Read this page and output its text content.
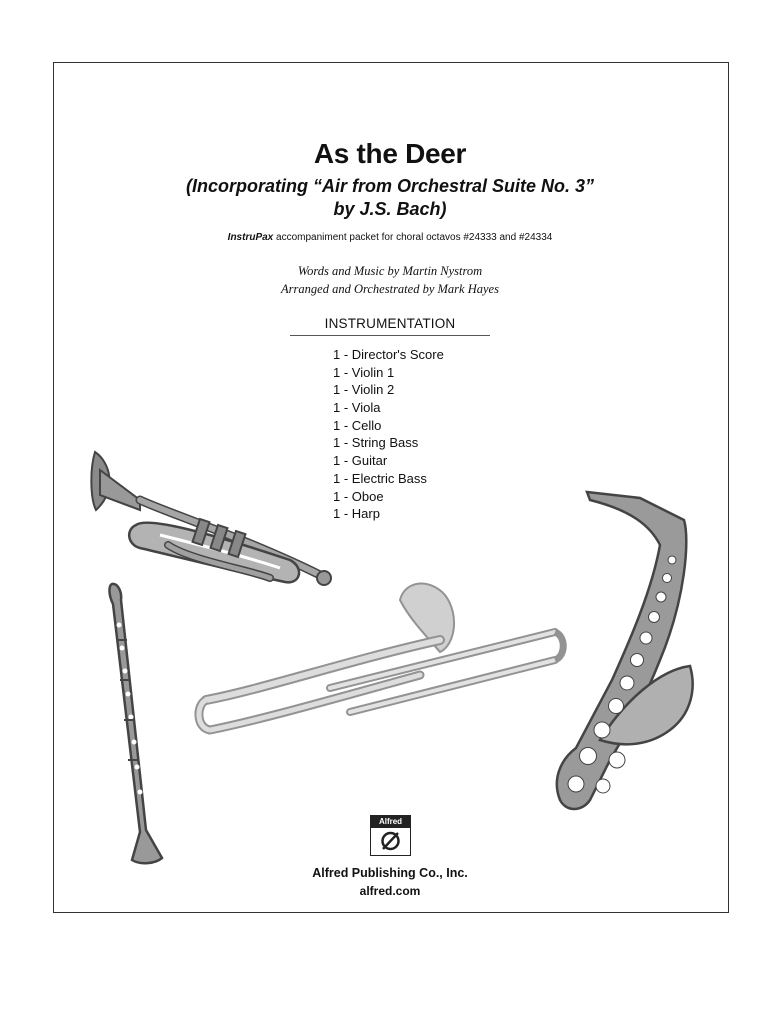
As the Deer
(Incorporating “Air from Orchestral Suite No. 3”
by J.S. Bach)
InstruPax accompaniment packet for choral octavos #24333 and #24334
Words and Music by Martin Nystrom
Arranged and Orchestrated by Mark Hayes
INSTRUMENTATION
1 - Director's Score
1 - Violin 1
1 - Violin 2
1 - Viola
1 - Cello
1 - String Bass
1 - Guitar
1 - Electric Bass
1 - Oboe
1 - Harp
Alfred
Alfred Publishing Co., Inc.
alfred.com
